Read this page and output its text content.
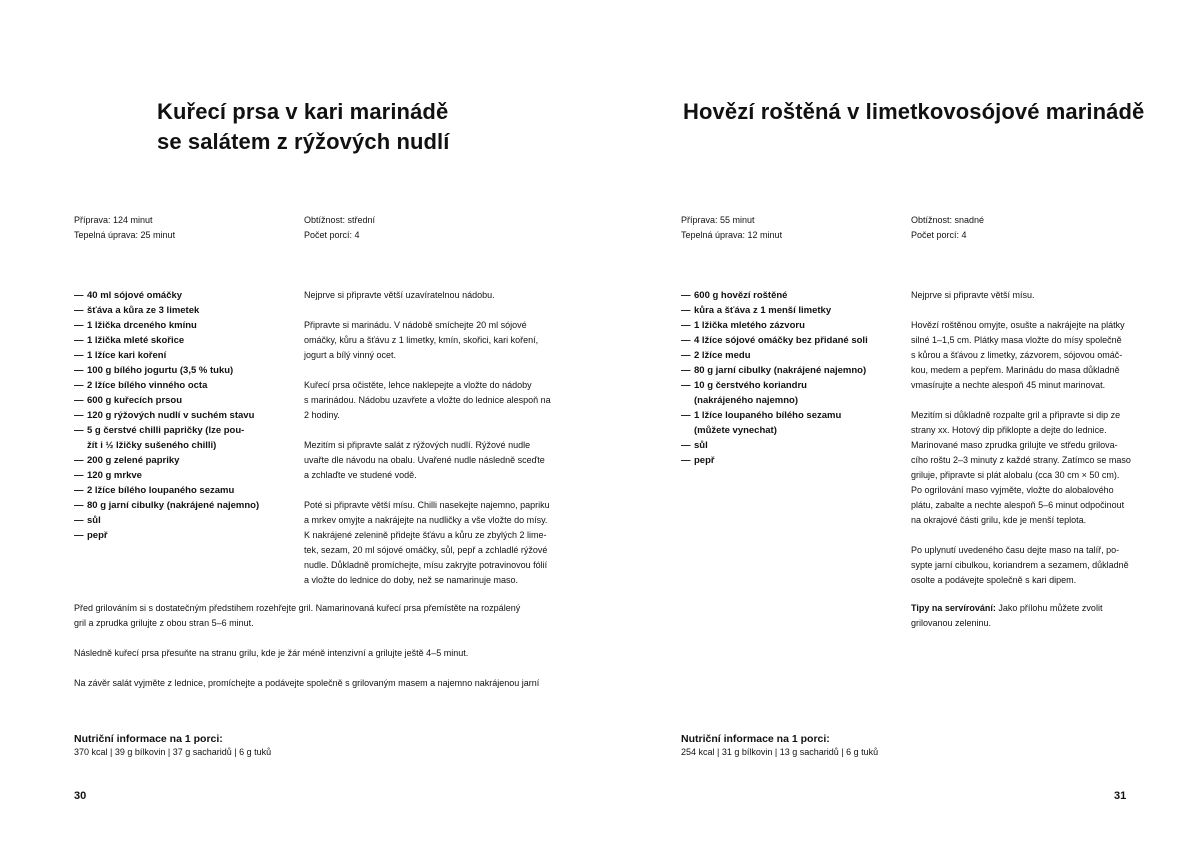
Kuřecí prsa v kari marinádě
se salátem z rýžových nudlí
Příprava: 124 minut
Tepelná úprava: 25 minut
Obtížnost: střední
Počet porcí: 4
— 40 ml sójové omáčky
— šťáva a kůra ze 3 limetek
— 1 lžička drceného kmínu
— 1 lžička mleté skořice
— 1 lžíce kari koření
— 100 g bílého jogurtu (3,5 % tuku)
— 2 lžíce bílého vinného octa
— 600 g kuřecích prsou
— 120 g rýžových nudlí v suchém stavu
— 5 g čerstvé chilli papričky (lze pou-
žít i ½ lžičky sušeného chilli)
— 200 g zelené papriky
— 120 g mrkve
— 2 lžíce bílého loupaného sezamu
— 80 g jarní cibulky (nakrájené najemno)
— sůl
— pepř

Nejprve si připravte větší uzavíratelnou nádobu.

Připravte si marinádu. V nádobě smíchejte 20 ml sójové
omáčky, kůru a šťávu z 1 limetky, kmín, skořici, kari koření,
jogurt a bílý vinný ocet.

Kuřecí prsa očistěte, lehce naklepejte a vložte do nádoby
s marinádou. Nádobu uzavřete a vložte do lednice alespoň na
2 hodiny.

Mezitím si připravte salát z rýžových nudlí. Rýžové nudle
uvařte dle návodu na obalu. Uvařené nudle následně sceďte
a zchlaďte ve studené vodě.

Poté si připravte větší mísu. Chilli nasekejte najemno, papriku
a mrkev omyjte a nakrájejte na nudličky a vše vložte do mísy.
K nakrájené zelenině přidejte šťávu a kůru ze zbylých 2 lime-
tek, sezam, 20 ml sójové omáčky, sůl, pepř a zchladlé rýžové
nudle. Důkladně promíchejte, mísu zakryjte potravinovou fólií
a vložte do lednice do doby, než se namarinuje maso.

Před grilováním si s dostatečným předstihem rozehřejte gril. Namarinovaná kuřecí prsa přemístěte na rozpálený
gril a zprudka grilujte z obou stran 5–6 minut.

Následně kuřecí prsa přesuňte na stranu grilu, kde je žár méně intenzivní a grilujte ještě 4–5 minut.

Na závěr salát vyjměte z lednice, promíchejte a podávejte společně s grilovaným masem a najemno nakrájenou jarní

Nutriční informace na 1 porci:
370 kcal | 39 g bílkovin | 37 g sacharidů | 6 g tuků
30
Hovězí roštěná v limetkovosójové marinádě
Příprava: 55 minut
Tepelná úprava: 12 minut
Obtížnost: snadné
Počet porcí: 4
— 600 g hovězí roštěné
— kůra a šťáva z 1 menší limetky
— 1 lžička mletého zázvoru
— 4 lžíce sójové omáčky bez přidané soli
— 2 lžíce medu
— 80 g jarní cibulky (nakrájené najemno)
— 10 g čerstvého koriandru
(nakrájeného najemno)
— 1 lžíce loupaného bílého sezamu
(můžete vynechat)
— sůl
— pepř

Nejprve si připravte větší mísu.

Hovězí roštěnou omyjte, osušte a nakrájejte na plátky
silné 1–1,5 cm. Plátky masa vložte do mísy společně
s kůrou a šťávou z limetky, zázvorem, sójovou omáč-
kou, medem a pepřem. Marinádu do masa důkladně
vmasírujte a nechte alespoň 45 minut marinovat.

Mezitím si důkladně rozpalte gril a připravte si dip ze
strany xx. Hotový dip přiklopte a dejte do lednice.
Marinované maso zprudka grilujte ve středu grilova-
cího roštu 2–3 minuty z každé strany. Zatímco se maso
griluje, připravte si plát alobalu (cca 30 cm × 50 cm).
Po ogrilování maso vyjměte, vložte do alobalového
plátu, zabalte a nechte alespoň 5–6 minut odpočinout
na okrajové části grilu, kde je menší teplota.

Po uplynutí uvedeného času dejte maso na talíř, po-
sypte jarní cibulkou, koriandrem a sezamem, důkladně
osolte a podávejte společně s kari dipem.

Tipy na servírování: Jako přílohu můžete zvolit
grilovanou zeleninu.
Nutriční informace na 1 porci:
254 kcal | 31 g bílkovin | 13 g sacharidů | 6 g tuků
31
